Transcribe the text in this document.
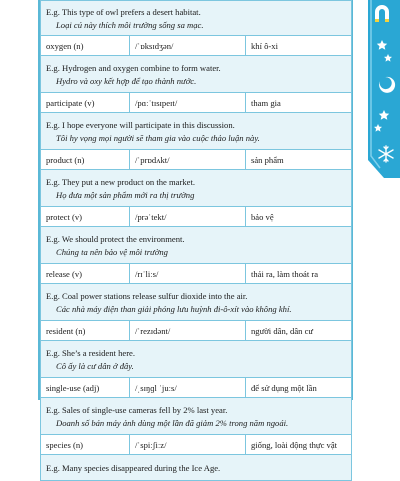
E.g. This type of owl prefers a desert habitat.
Loại cú này thích môi trường sống sa mạc.		

oxygen (n)	/ˈɒksɪdʒən/	khí ô-xi

E.g. Hydrogen and oxygen combine to form water.
Hydro và oxy kết hợp để tạo thành nước.		

participate (v)	/pɑːˈtɪsɪpeɪt/	tham gia

E.g. I hope everyone will participate in this discussion.
Tôi hy vọng mọi người sẽ tham gia vào cuộc thảo luận này.		

product (n)	/ˈprɒdʌkt/	sản phẩm

E.g. They put a new product on the market.
Họ đưa một sản phẩm mới ra thị trường		

protect (v)	/prəˈtekt/	bảo vệ

E.g. We should protect the environment.
Chúng ta nên bảo vệ môi trường		

release (v)	/rɪˈliːs/	thải ra, làm thoát ra

E.g. Coal power stations release sulfur dioxide into the air.
Các nhà máy điện than giải phóng lưu huỳnh đi-ô-xít vào không khí.		

resident (n)	/ˈrezɪdənt/	người dân, dân cư

E.g. She’s a resident here.
Cô ấy là cư dân ở đây.		

single-use (adj)	/ˌsɪŋɡl ˈjuːs/	để sử dụng một lần

E.g. Sales of single-use cameras fell by 2% last year.
Doanh số bán máy ảnh dùng một lần đã giảm 2% trong năm ngoái.		

species (n)	/ˈspiːʃiːz/	giống, loài động thực vật

E.g. Many species disappeared during the Ice Age.		
